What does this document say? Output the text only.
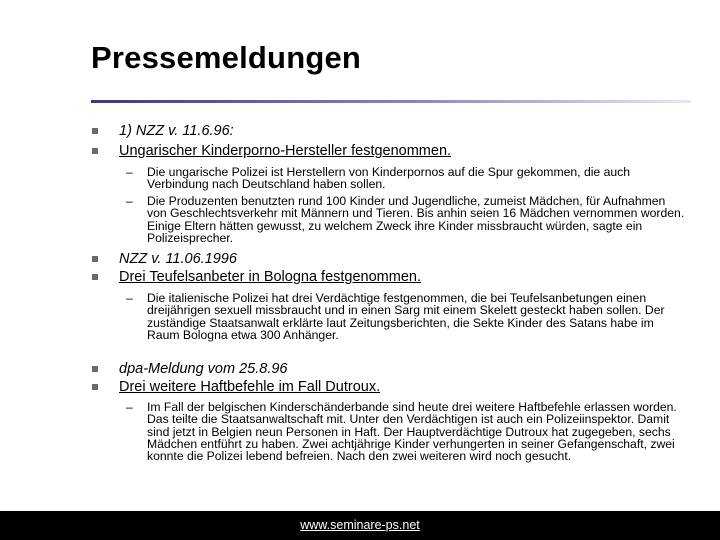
Pressemeldungen
1) NZZ v. 11.6.96:
Ungarischer Kinderporno-Hersteller festgenommen.
– Die ungarische Polizei ist Herstellern von Kinderpornos auf die Spur gekommen, die auch Verbindung nach Deutschland haben sollen.
– Die Produzenten benutzten rund 100 Kinder und Jugendliche, zumeist Mädchen, für Aufnahmen von Geschlechtsverkehr mit Männern und Tieren. Bis anhin seien 16 Mädchen vernommen worden. Einige Eltern hätten gewusst, zu welchem Zweck ihre Kinder missbraucht würden, sagte ein Polizeisprecher.
NZZ v. 11.06.1996
Drei Teufelsanbeter in Bologna festgenommen.
– Die italienische Polizei hat drei Verdächtige festgenommen, die bei Teufelsanbetungen einen dreijährigen sexuell missbraucht und in einen Sarg mit einem Skelett gesteckt haben sollen. Der zuständige Staatsanwalt erklärte laut Zeitungsberichten, die Sekte Kinder des Satans habe im Raum Bologna etwa 300 Anhänger.
dpa-Meldung vom 25.8.96
Drei weitere Haftbefehle im Fall Dutroux.
– Im Fall der belgischen Kinderschänderbande sind heute drei weitere Haftbefehle erlassen worden. Das teilte die Staatsanwaltschaft mit. Unter den Verdächtigen ist auch ein Polizeiinspektor. Damit sind jetzt in Belgien neun Personen in Haft. Der Hauptverdächtige Dutroux hat zugegeben, sechs Mädchen entführt zu haben. Zwei achtjährige Kinder verhungerten in seiner Gefangenschaft, zwei konnte die Polizei lebend befreien. Nach den zwei weiteren wird noch gesucht.
www.seminare-ps.net
